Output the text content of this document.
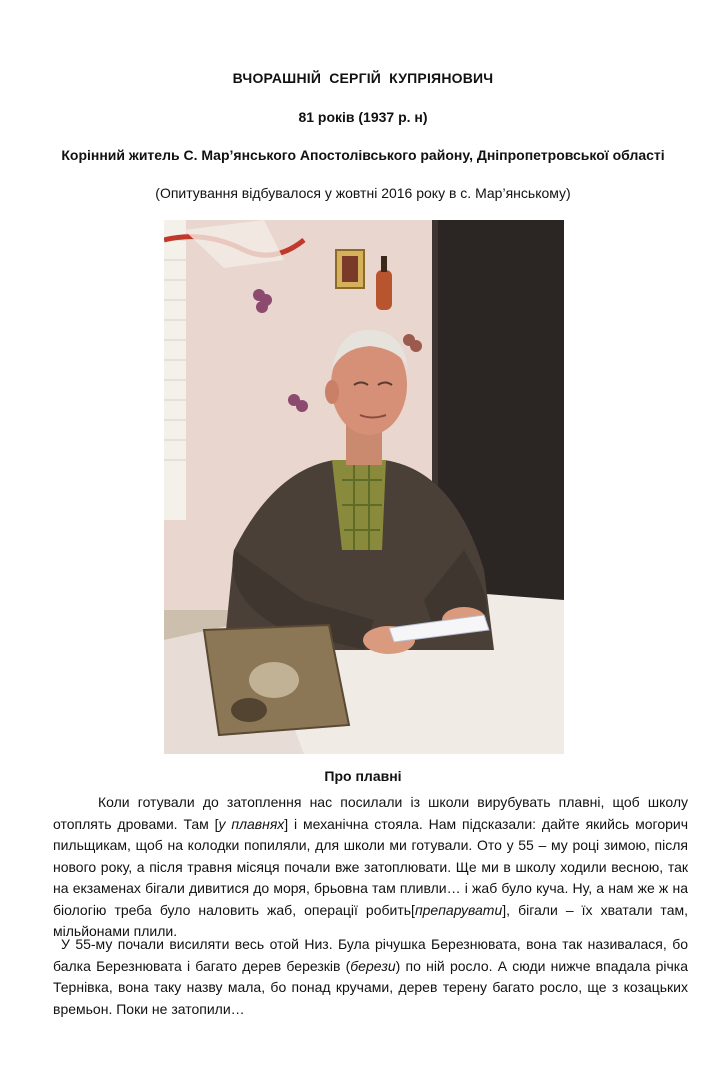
ВЧОРАШНІЙ СЕРГІЙ КУПРІЯНОВИЧ
81 років (1937 р. н)
Корінний житель С. Мар’янського Апостолівського району, Дніпропетровської області
(Опитування відбувалося у жовтні 2016 року в с. Мар’янському)
Про плавні

Коли готували до затоплення нас посилали із школи вирубувать плавні, щоб школу отоплять дровами. Там [у плавнях] і механічна стояла. Нам підсказали: дайте якийсь могорич пильщикам, щоб на колодки попиляли, для школи ми готували. Ото у 55 – му році зимою, після нового року, а після травня місяця почали вже затоплювати. Ще ми в школу ходили весною, так на екзаменах бігали дивитися до моря, брьовна там пливли… і жаб було куча. Ну, а нам же ж на біологію треба було наловить жаб, операції робить[препарувати], бігали – їх хватали там, мільйонами плили.

У 55-му почали висиляти весь отой Низ. Була річушка Березнювата, вона так називалася, бо балка Березнювата і багато дерев березків (берези) по ній росло. А сюди нижче впадала річка Тернівка, вона таку назву мала, бо понад кручами, дерев терену багато росло, ще з козацьких времьон. Поки не затопили…
